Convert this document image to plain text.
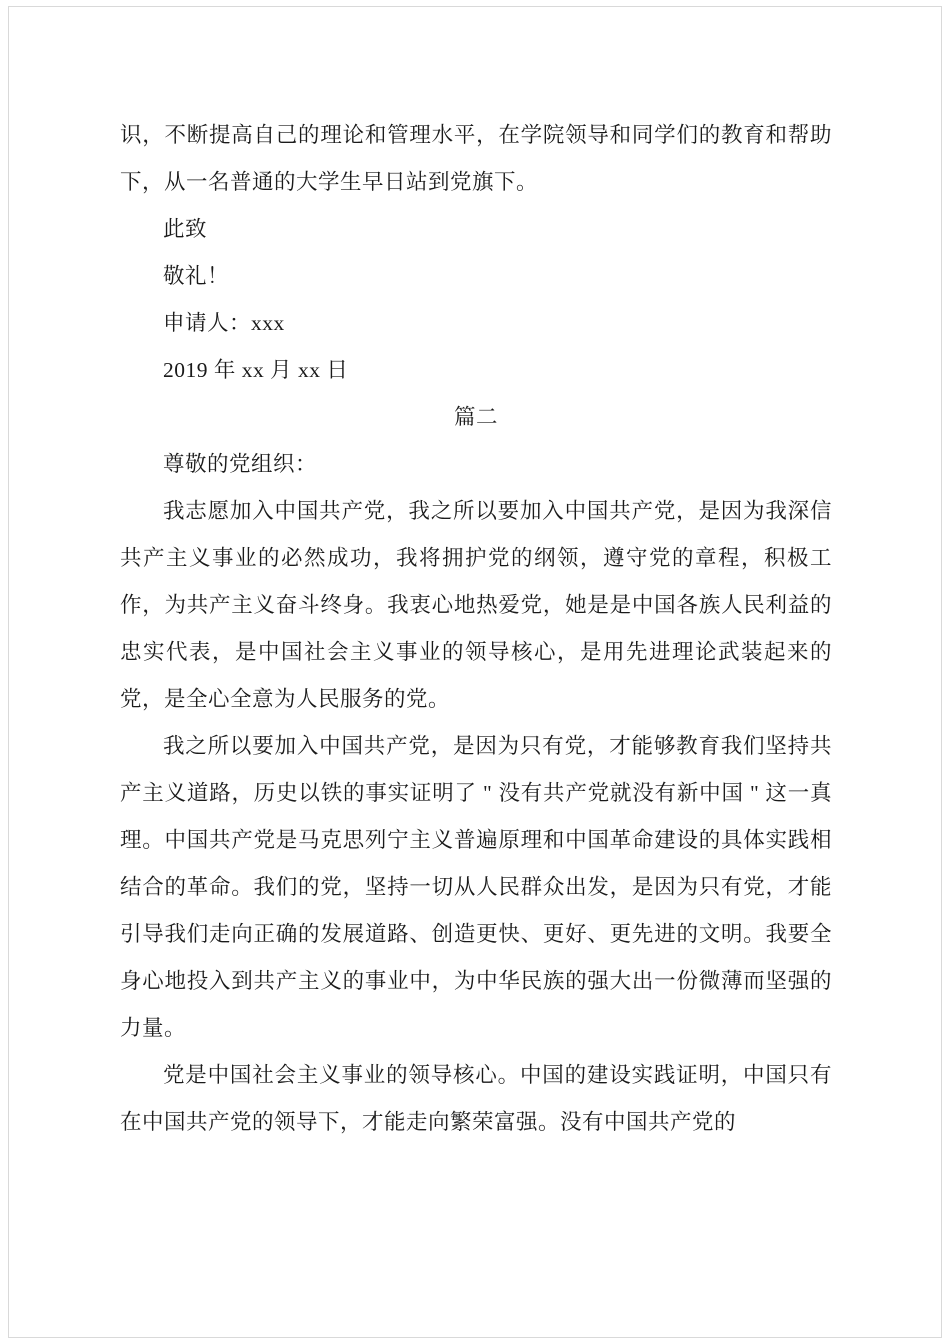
识，不断提高自己的理论和管理水平，在学院领导和同学们的教育和帮助下，从一名普通的大学生早日站到党旗下。

此致

敬礼！

申请人：xxx

2019 年 xx 月 xx 日

篇二

尊敬的党组织：

我志愿加入中国共产党，我之所以要加入中国共产党，是因为我深信共产主义事业的必然成功，我将拥护党的纲领，遵守党的章程，积极工作，为共产主义奋斗终身。我衷心地热爱党，她是是中国各族人民利益的忠实代表，是中国社会主义事业的领导核心，是用先进理论武装起来的党，是全心全意为人民服务的党。

我之所以要加入中国共产党，是因为只有党，才能够教育我们坚持共产主义道路，历史以铁的事实证明了 " 没有共产党就没有新中国 " 这一真理。中国共产党是马克思列宁主义普遍原理和中国革命建设的具体实践相结合的革命。我们的党，坚持一切从人民群众出发，是因为只有党，才能引导我们走向正确的发展道路、创造更快、更好、更先进的文明。我要全身心地投入到共产主义的事业中，为中华民族的强大出一份微薄而坚强的力量。

党是中国社会主义事业的领导核心。中国的建设实践证明，中国只有在中国共产党的领导下，才能走向繁荣富强。没有中国共产党的
